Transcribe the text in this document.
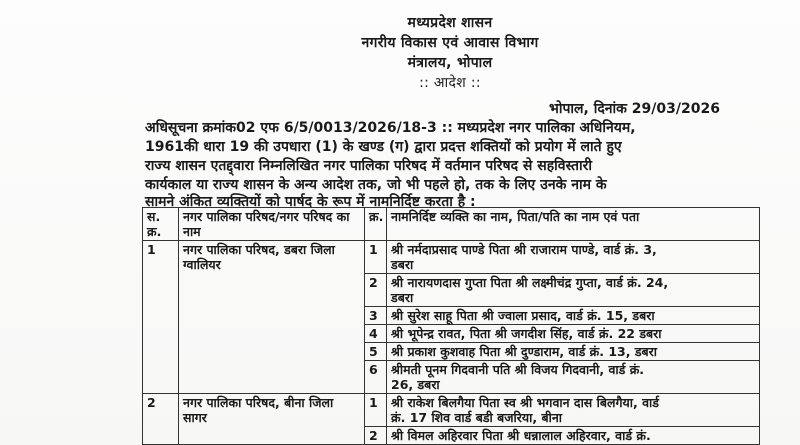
मध्यप्रदेश शासन
नगरीय विकास एवं आवास विभाग
मंत्रालय, भोपाल
:: आदेश ::
भोपाल, दिनांक 29/03/2026
अधिसूचना क्रमांक02 एफ 6/5/0013/2026/18-3 :: मध्यप्रदेश नगर पालिका अधिनियम,
1961की धारा 19 की उपधारा (1) के खण्ड (ग) द्वारा प्रदत्त शक्तियों को प्रयोग में लाते हुए
राज्य शासन एतद्द्वारा निम्नलिखित नगर पालिका परिषद में वर्तमान परिषद से सहविस्तारी
कार्यकाल या राज्य शासन के अन्य आदेश तक, जो भी पहले हो, तक के लिए उनके नाम के
सामने अंकित व्यक्तियों को पार्षद के रूप में नामनिर्दिष्ट करता है :
स. क्र.	नगर पालिका परिषद/नगर परिषद का नाम	क्र.	नामनिर्दिष्ट व्यक्ति का नाम, पिता/पति का नाम एवं पता
1	नगर पालिका परिषद, डबरा जिला ग्वालियर	1	श्री नर्मदाप्रसाद पाण्डे पिता श्री राजाराम पाण्डे, वार्ड क्रं. 3,
डबरा
		2	श्री नारायणदास गुप्ता पिता श्री लक्ष्मीचंद्र गुप्ता, वार्ड क्रं. 24,
डबरा
		3	श्री सुरेश साहू पिता श्री ज्वाला प्रसाद, वार्ड क्रं. 15, डबरा
		4	श्री भूपेन्द्र रावत, पिता श्री जगदीश सिंह, वार्ड क्रं. 22 डबरा
		5	श्री प्रकाश कुशवाह पिता श्री दुण्डाराम, वार्ड क्रं. 13, डबरा
		6	श्रीमती पूनम गिदवानी पति श्री विजय गिदवानी, वार्ड क्रं.
26, डबरा
2	नगर पालिका परिषद, बीना जिला सागर	1	श्री राकेश बिलगैया पिता स्व श्री भगवान दास बिलगैया, वार्ड
क्रं. 17 शिव वार्ड बडी बजरिया, बीना
		2	श्री विमल अहिरवार पिता श्री धन्नालाल अहिरवार, वार्ड क्रं.
